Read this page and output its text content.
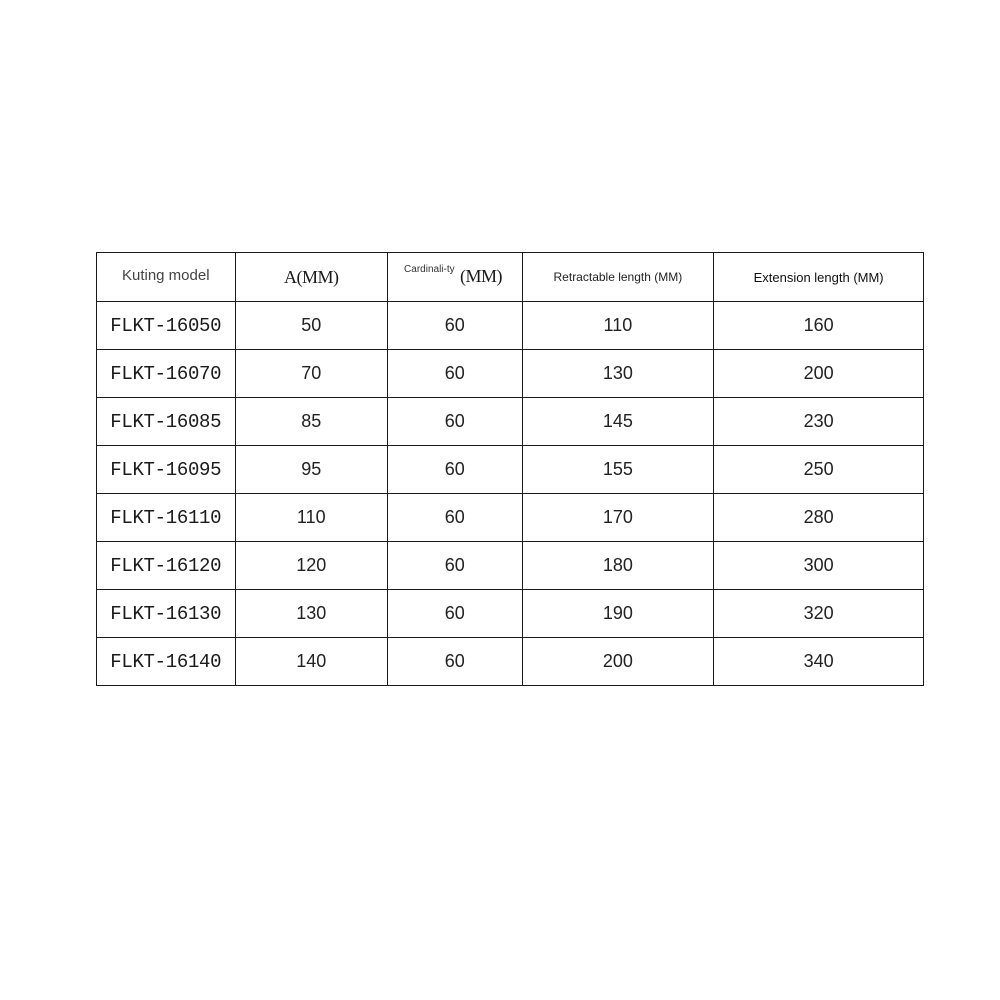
Kuting model	A(MM)	Cardinali-ty (MM)	Retractable length (MM)	Extension length (MM)
FLKT-16050	50	60	110	160
FLKT-16070	70	60	130	200
FLKT-16085	85	60	145	230
FLKT-16095	95	60	155	250
FLKT-16110	110	60	170	280
FLKT-16120	120	60	180	300
FLKT-16130	130	60	190	320
FLKT-16140	140	60	200	340
